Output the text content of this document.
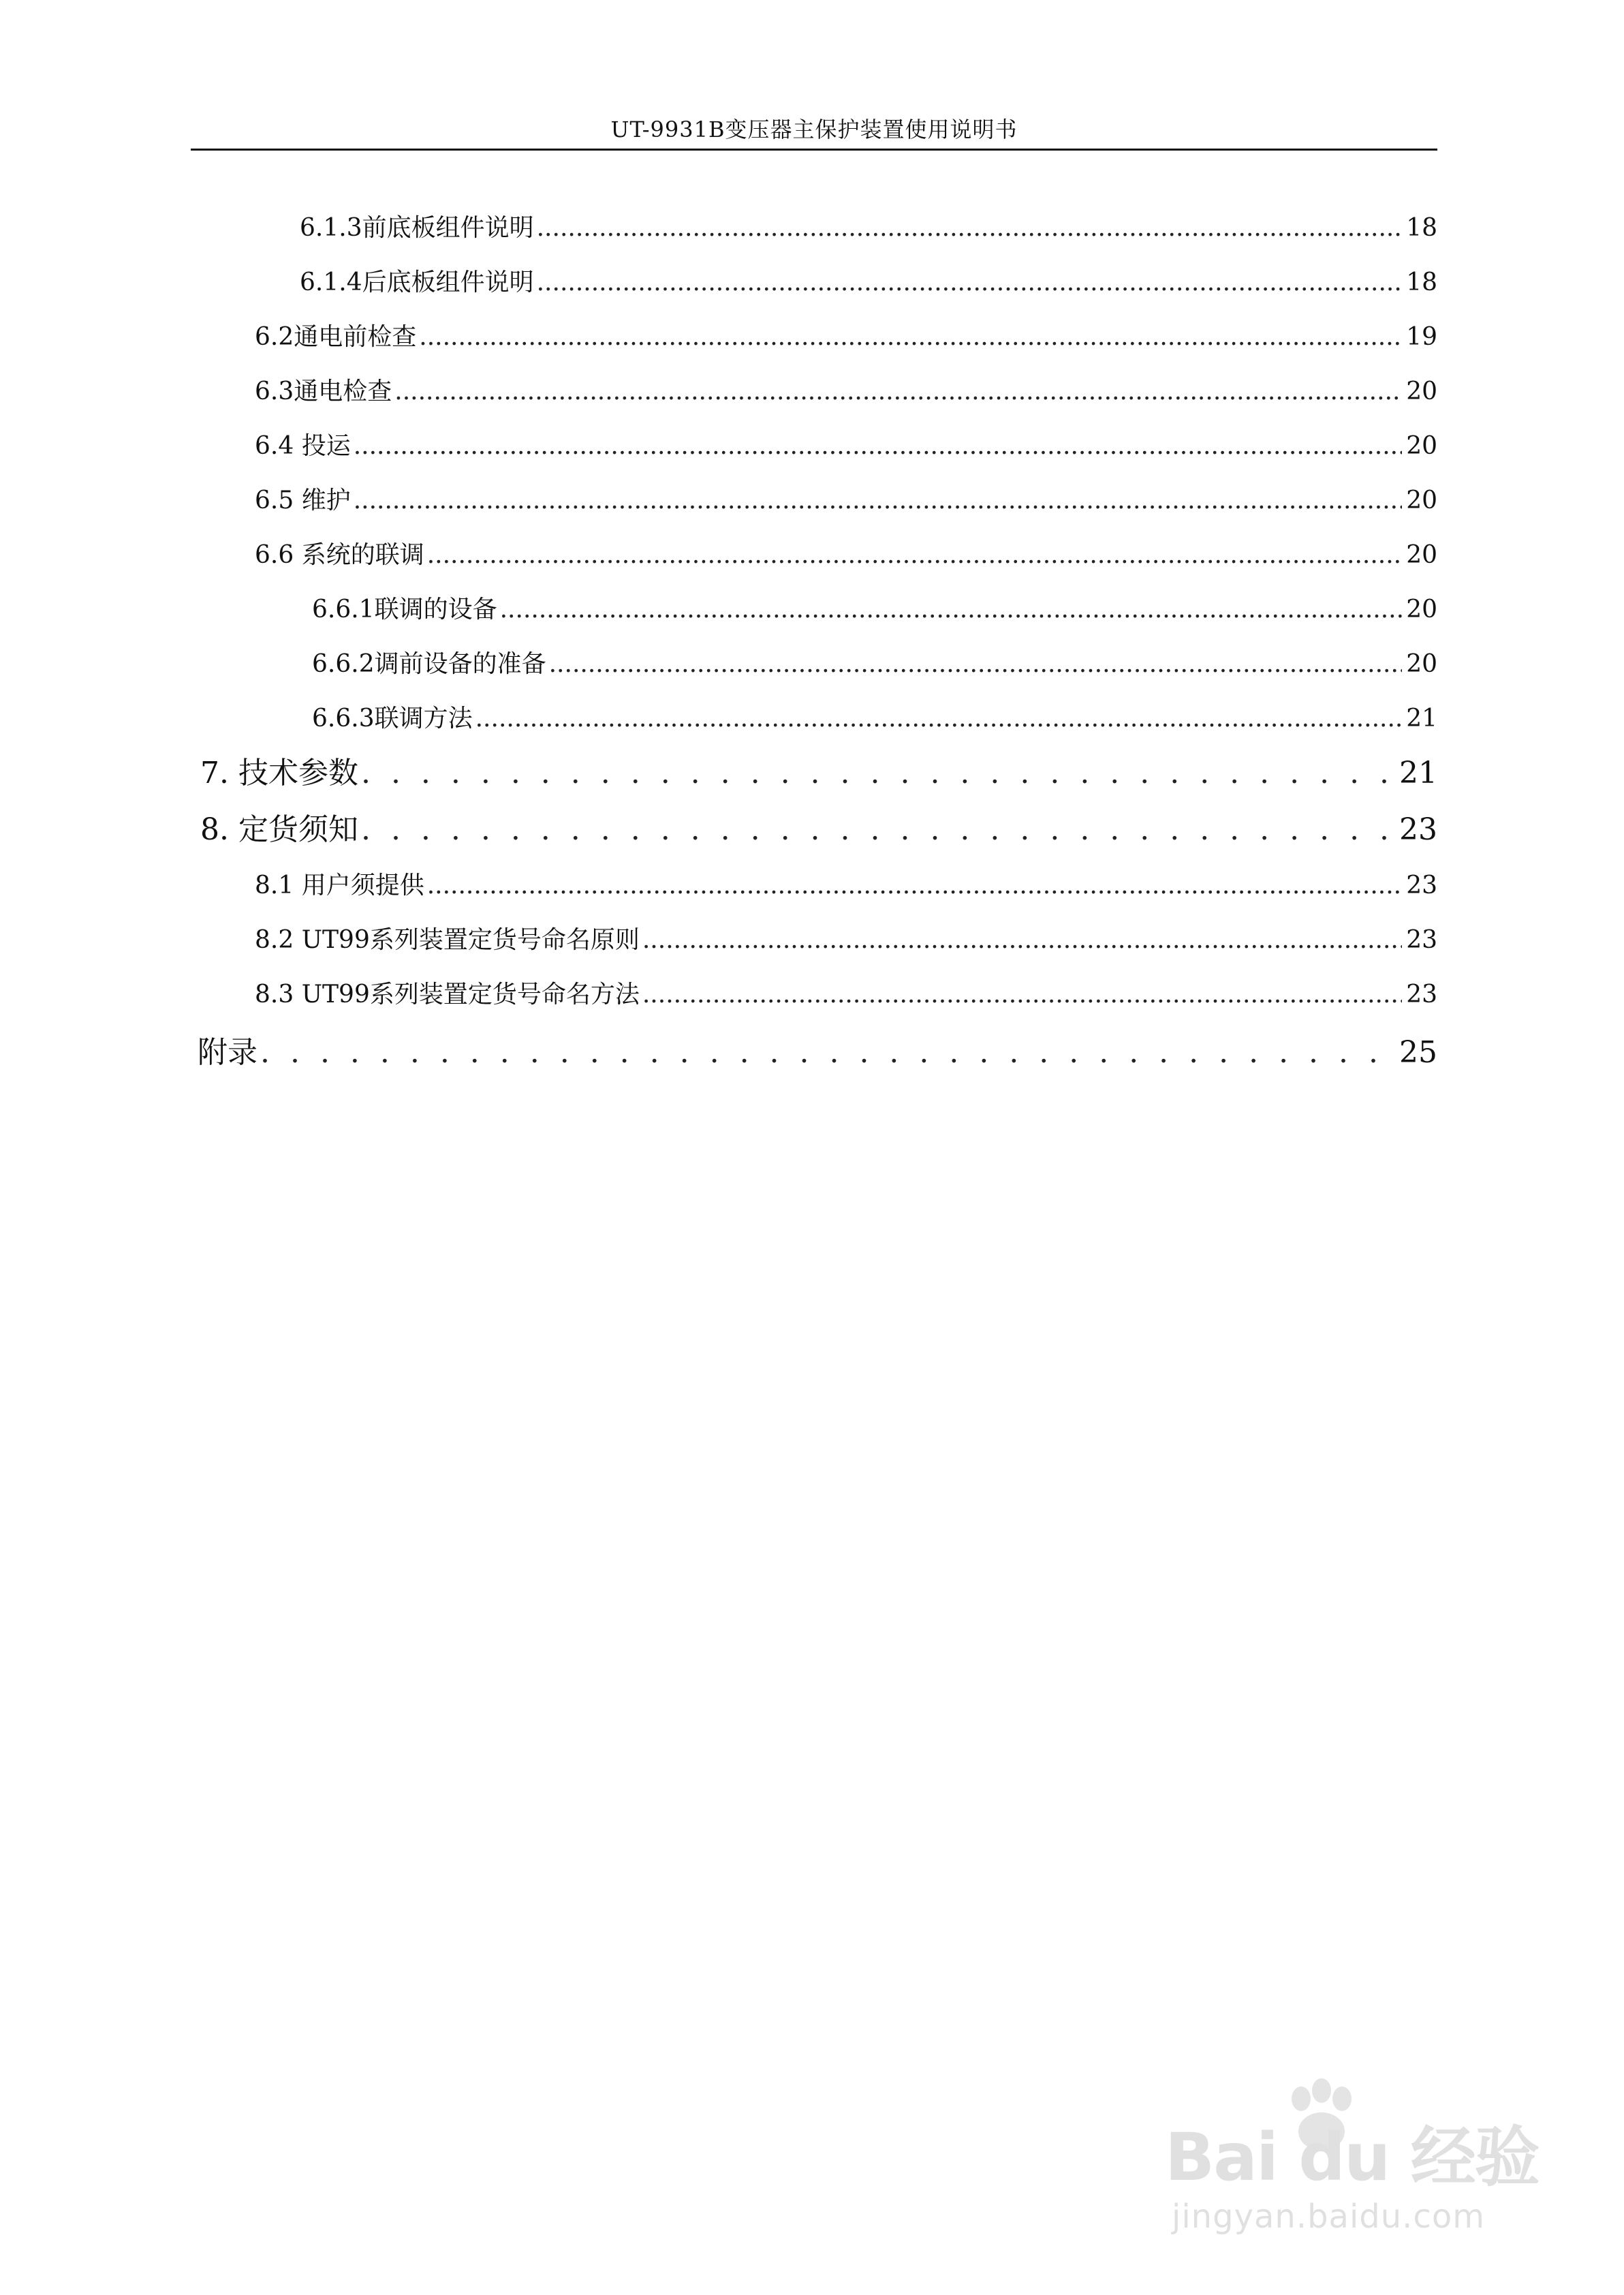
UT-9931B变压器主保护装置使用说明书
6.1.3前底板组件说明 .....	18
6.1.4后底板组件说明 .....	18
6.2通电前检查 .....	19
6.3通电检查 .....	20
6.4 投运 .....	20
6.5 维护 .....	20
6.6 系统的联调 .....	20
6.6.1联调的设备 .....	20
6.6.2调前设备的准备 .....	20
6.6.3联调方法 .....	21
7. 技术参数 . . .	21
8. 定货须知 . . .	23
8.1 用户须提供 .....	23
8.2 UT99系列装置定货号命名原则 .....	23
8.3 UT99系列装置定货号命名方法 .....	23
附录 . . .	25
Bai du 经验
jingyan.baidu.com
